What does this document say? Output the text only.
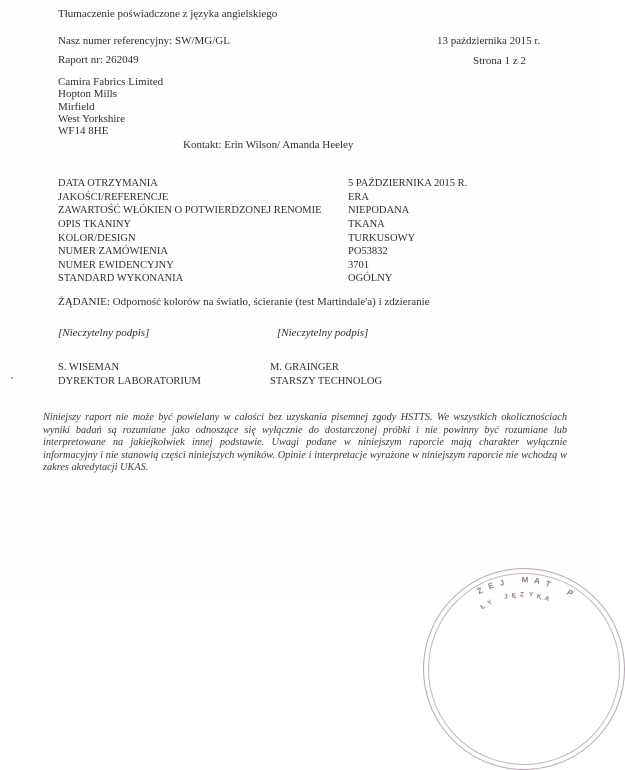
Tłumaczenie poświadczone z języka angielskiego
Nasz numer referencyjny: SW/MG/GL	13 października 2015 r.
Raport nr: 262049	Strona 1 z 2
Camira Fabrics Limited
Hopton Mills
Mirfield
West Yorkshire
WF14 8HE
Kontakt: Erin Wilson/ Amanda Heeley
DATA OTRZYMANIA	5 PAŹDZIERNIKA 2015 R.
JAKOŚCI/REFERENCJE	ERA
ZAWARTOŚĆ WŁÓKIEN O POTWIERDZONEJ RENOMIE	NIEPODANA
OPIS TKANINY	TKANA
KOLOR/DESIGN	TURKUSOWY
NUMER ZAMÓWIENIA	PO53832
NUMER EWIDENCYJNY	3701
STANDARD WYKONANIA	OGÓLNY
ŻĄDANIE: Odporność kolorów na światło, ścieranie (test Martindale'a) i zdzieranie
[Nieczytelny podpis]	[Nieczytelny podpis]
S. WISEMAN	M. GRAINGER
DYREKTOR LABORATORIUM	STARSZY TECHNOLOG
Niniejszy raport nie może być powielany w całości bez uzyskania pisemnej zgody HSTTS. We wszystkich okolicznościach wyniki badań są rozumiane jako odnoszące się wyłącznie do dostarczonej próbki i nie powinny być rozumiane lub interpretowane na jakiejkolwiek innej podstawie. Uwagi podane w niniejszym raporcie mają charakter wyłącznie informacyjny i nie stanowią części niniejszych wyników. Opinie i interpretacje wyrażone w niniejszym raporcie nie wchodzą w zakres akredytacji UKAS.
Ż E J M A T
P
Ł
Y
J Ę Z Y K A
